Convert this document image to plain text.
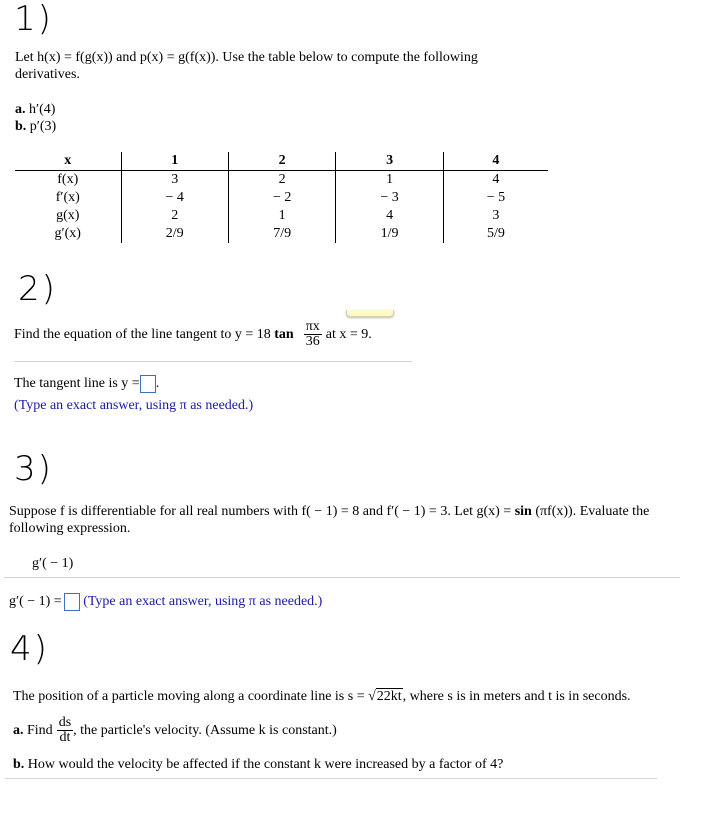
1)
Let h(x) = f(g(x)) and p(x) = g(f(x)). Use the table below to compute the following
derivatives.
a. h′(4)
b. p′(3)
x	1	2	3	4
f(x)	3	2	1	4
f′(x)	− 4	− 2	− 3	− 5
g(x)	2	1	4	3
g′(x)	2/9	7/9	1/9	5/9
2)
Find the equation of the line tangent to y = 18
$\tan \frac{\pi x}{36}$ at x = 9.
The tangent line is y = .
(Type an exact answer, using π as needed.)
3)
Suppose f is differentiable for all real numbers with f( − 1) = 8 and f′( − 1) = 3. Let g(x) = sin (πf(x)). Evaluate the
following expression.
g′( − 1)
g′( − 1) = (Type an exact answer, using π as needed.)
4)
The position of a particle moving along a coordinate line is s = √22kt, where s is in meters and t is in seconds.
a.
Find $\frac{ds}{dt}$ , the particle's velocity. (Assume k is constant.)
b. How would the velocity be affected if the constant k were increased by a factor of 4?
